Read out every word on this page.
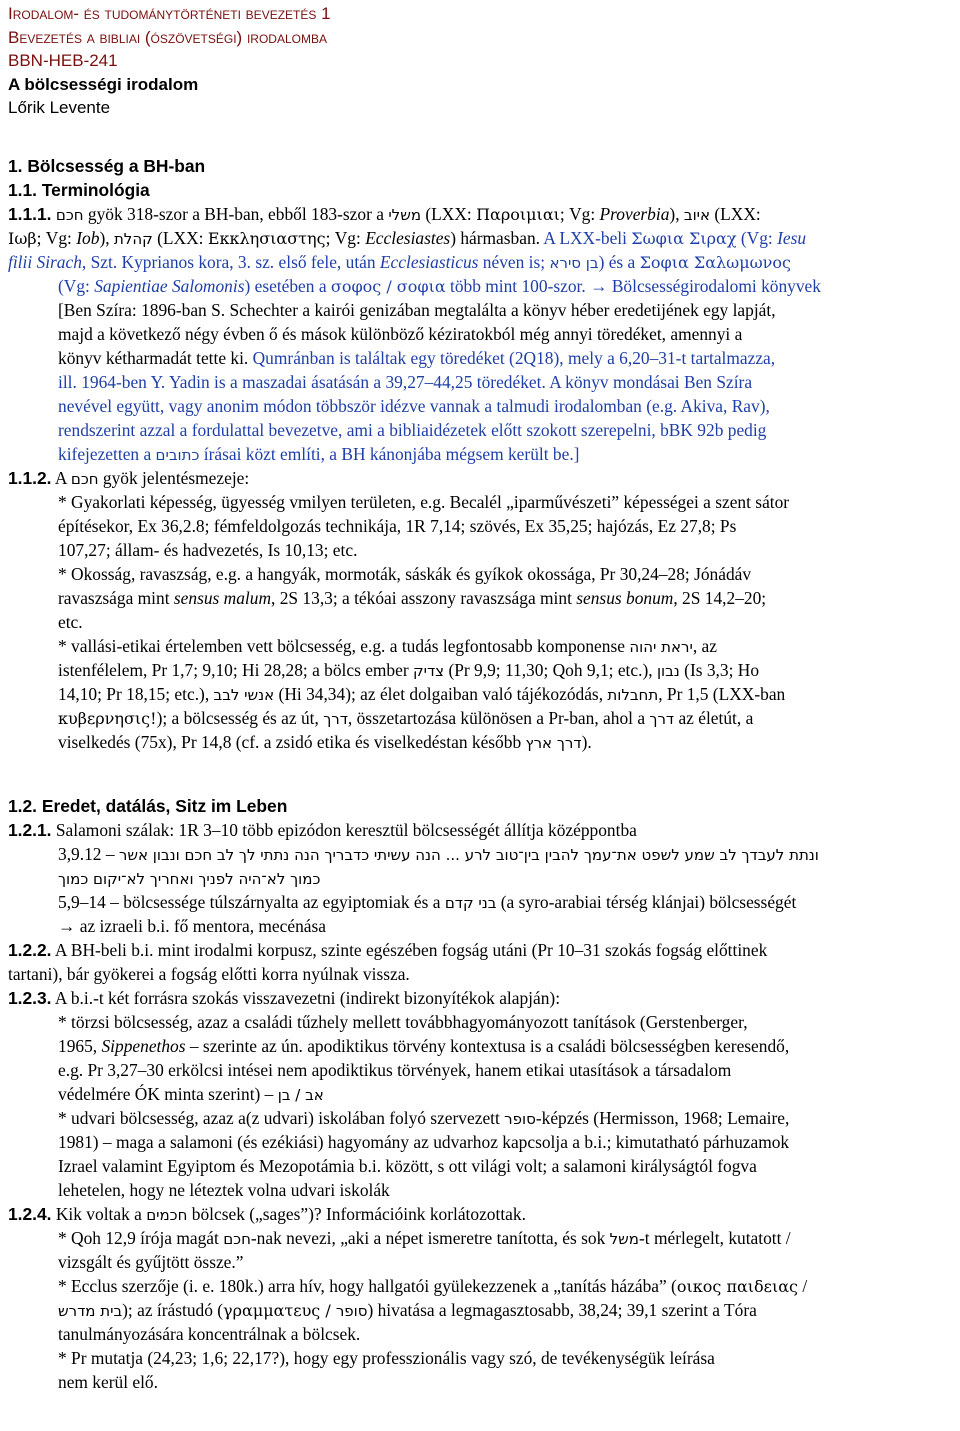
Irodalom- és tudománytörténeti bevezetés 1
Bevezetés a bibliai (ószövetségi) irodalomba
BBN-HEB-241
A bölcsességi irodalom
Lőrik Levente
1. Bölcsesség a BH-ban
1.1. Terminológia
1.1.1. חכם gyök 318-szor a BH-ban, ebből 183-szor a משלי (LXX: Παροιμιαι; Vg: Proverbia), איוב (LXX:
Ιωβ; Vg: Iob), קהלת (LXX: Εκκλησιαστης; Vg: Ecclesiastes) hármasban. A LXX-beli Σωφια Σιραχ (Vg: Iesu
filii Sirach, Szt. Kyprianos kora, 3. sz. első fele, után Ecclesiasticus néven is; בן סירא) és a Σοφια Σαλωμωνος
(Vg: Sapientiae Salomonis) esetében a σοφος / σοφια több mint 100-szor. → Bölcsességirodalomi könyvek
[Ben Szíra: 1896-ban S. Schechter a kairói genizában megtalálta a könyv héber eredetijének egy lapját,
majd a következő négy évben ő és mások különböző kéziratokból még annyi töredéket, amennyi a
könyv kétharmadát tette ki. Qumránban is találtak egy töredéket (2Q18), mely a 6,20–31-t tartalmazza,
ill. 1964-ben Y. Yadin is a maszadai ásatásán a 39,27–44,25 töredéket. A könyv mondásai Ben Szíra
nevével együtt, vagy anonim módon többször idézve vannak a talmudi irodalomban (e.g. Akiva, Rav),
rendszerint azzal a fordulattal bevezetve, ami a bibliaidézetek előtt szokott szerepelni, bBK 92b pedig
kifejezetten a כתובים írásai közt említi, a BH kánonjába mégsem került be.]
1.1.2. A חכם gyök jelentésmezeje:
* Gyakorlati képesség, ügyesség vmilyen területen, e.g. Becalél „iparművészeti” képességei a szent sátor
építésekor, Ex 36,2.8; fémfeldolgozás technikája, 1R 7,14; szövés, Ex 35,25; hajózás, Ez 27,8; Ps
107,27; állam- és hadvezetés, Is 10,13; etc.
* Okosság, ravaszság, e.g. a hangyák, mormoták, sáskák és gyíkok okossága, Pr 30,24–28; Jónádáv
ravaszsága mint sensus malum, 2S 13,3; a tékóai asszony ravaszsága mint sensus bonum, 2S 14,2–20;
etc.
* vallási-etikai értelemben vett bölcsesség, e.g. a tudás legfontosabb komponense יראת יהוה, az
istenfélelem, Pr 1,7; 9,10; Hi 28,28; a bölcs ember צדיק (Pr 9,9; 11,30; Qoh 9,1; etc.), נבון (Is 3,3; Ho
14,10; Pr 18,15; etc.), אנשי לבב (Hi 34,34); az élet dolgaiban való tájékozódás, תחבלות, Pr 1,5 (LXX-ban
κυβερνησις!); a bölcsesség és az út, דרך, összetartozása különösen a Pr-ban, ahol a דרך az életút, a
viselkedés (75x), Pr 14,8 (cf. a zsidó etika és viselkedéstan később דרך ארץ).
1.2. Eredet, datálás, Sitz im Leben
1.2.1. Salamoni szálak: 1R 3–10 több epizódon keresztül bölcsességét állítja középpontba
3,9.12 – ונתת לעבדך לב שמע לשפט את־עמך להבין בין־טוב לרע ... הנה עשיתי כדבריך הנה נתתי לך לב חכם ונבון אשר
כמוך לא־היה לפניך ואחריך לא־יקום כמוך
5,9–14 – bölcsessége túlszárnyalta az egyiptomiak és a בני קדם (a syro-arabiai térség klánjai) bölcsességét
→ az izraeli b.i. fő mentora, mecénása
1.2.2. A BH-beli b.i. mint irodalmi korpusz, szinte egészében fogság utáni (Pr 10–31 szokás fogság előttinek
tartani), bár gyökerei a fogság előtti korra nyúlnak vissza.
1.2.3. A b.i.-t két forrásra szokás visszavezetni (indirekt bizonyítékok alapján):
* törzsi bölcsesség, azaz a családi tűzhely mellett továbbhagyományozott tanítások (Gerstenberger,
1965, Sippenethos – szerinte az ún. apodiktikus törvény kontextusa is a családi bölcsességben keresendő,
e.g. Pr 3,27–30 erkölcsi intései nem apodiktikus törvények, hanem etikai utasítások a társadalom
védelmére ÓK minta szerint) – אב / בן
* udvari bölcsesség, azaz a(z udvari) iskolában folyó szervezett סופר-képzés (Hermisson, 1968; Lemaire,
1981) – maga a salamoni (és ezékiási) hagyomány az udvarhoz kapcsolja a b.i.; kimutatható párhuzamok
Izrael valamint Egyiptom és Mezopotámia b.i. között, s ott világi volt; a salamoni királyságtól fogva
lehetelen, hogy ne léteztek volna udvari iskolák
1.2.4. Kik voltak a חכמים bölcsek („sages”)? Információink korlátozottak.
* Qoh 12,9 írója magát חכם-nak nevezi, „aki a népet ismeretre tanította, és sok משל-t mérlegelt, kutatott /
vizsgált és gyűjtött össze.”
* Ecclus szerzője (i. e. 180k.) arra hív, hogy hallgatói gyülekezzenek a „tanítás házába” (οικος παιδειας /
בית מדרש); az írástudó (γραμματευς / סופר) hivatása a legmagasztosabb, 38,24; 39,1 szerint a Tóra
tanulmányozására koncentrálnak a bölcsek.
* Pr mutatja (24,23; 1,6; 22,17?), hogy egy professzionális vagy szó, de tevékenységük leírása
nem kerül elő.
